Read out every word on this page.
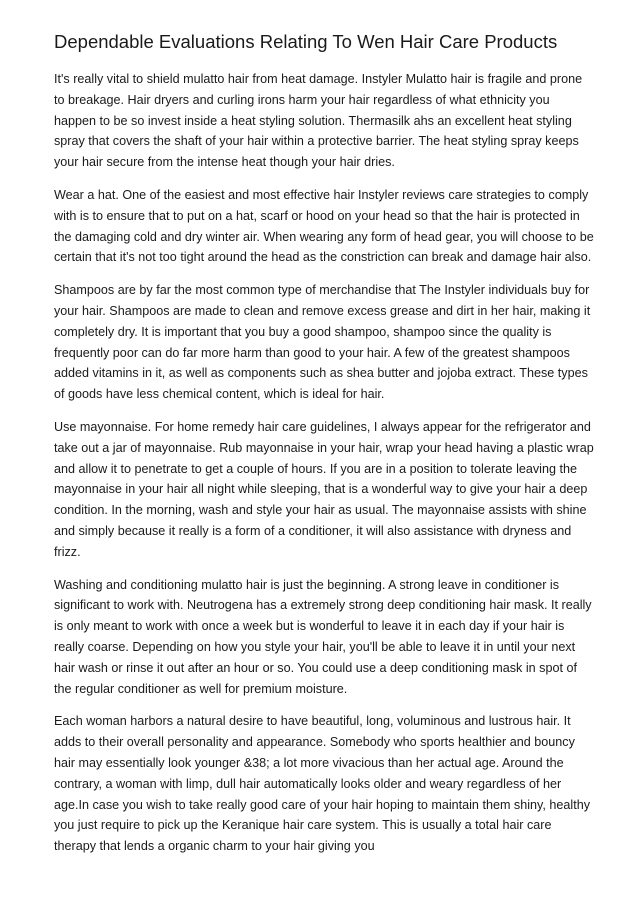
Dependable Evaluations Relating To Wen Hair Care Products

It's really vital to shield mulatto hair from heat damage. Instyler Mulatto hair is fragile and prone to breakage. Hair dryers and curling irons harm your hair regardless of what ethnicity you happen to be so invest inside a heat styling solution. Thermasilk ahs an excellent heat styling spray that covers the shaft of your hair within a protective barrier. The heat styling spray keeps your hair secure from the intense heat though your hair dries.

Wear a hat. One of the easiest and most effective hair Instyler reviews care strategies to comply with is to ensure that to put on a hat, scarf or hood on your head so that the hair is protected in the damaging cold and dry winter air. When wearing any form of head gear, you will choose to be certain that it's not too tight around the head as the constriction can break and damage hair also.

Shampoos are by far the most common type of merchandise that The Instyler individuals buy for your hair. Shampoos are made to clean and remove excess grease and dirt in her hair, making it completely dry. It is important that you buy a good shampoo, shampoo since the quality is frequently poor can do far more harm than good to your hair. A few of the greatest shampoos added vitamins in it, as well as components such as shea butter and jojoba extract. These types of goods have less chemical content, which is ideal for hair.

Use mayonnaise. For home remedy hair care guidelines, I always appear for the refrigerator and take out a jar of mayonnaise. Rub mayonnaise in your hair, wrap your head having a plastic wrap and allow it to penetrate to get a couple of hours. If you are in a position to tolerate leaving the mayonnaise in your hair all night while sleeping, that is a wonderful way to give your hair a deep condition. In the morning, wash and style your hair as usual. The mayonnaise assists with shine and simply because it really is a form of a conditioner, it will also assistance with dryness and frizz.

Washing and conditioning mulatto hair is just the beginning. A strong leave in conditioner is significant to work with. Neutrogena has a extremely strong deep conditioning hair mask. It really is only meant to work with once a week but is wonderful to leave it in each day if your hair is really coarse. Depending on how you style your hair, you'll be able to leave it in until your next hair wash or rinse it out after an hour or so. You could use a deep conditioning mask in spot of the regular conditioner as well for premium moisture.

Each woman harbors a natural desire to have beautiful, long, voluminous and lustrous hair. It adds to their overall personality and appearance. Somebody who sports healthier and bouncy hair may essentially look younger &38; a lot more vivacious than her actual age. Around the contrary, a woman with limp, dull hair automatically looks older and weary regardless of her age.In case you wish to take really good care of your hair hoping to maintain them shiny, healthy you just require to pick up the Keranique hair care system. This is usually a total hair care therapy that lends a organic charm to your hair giving you
